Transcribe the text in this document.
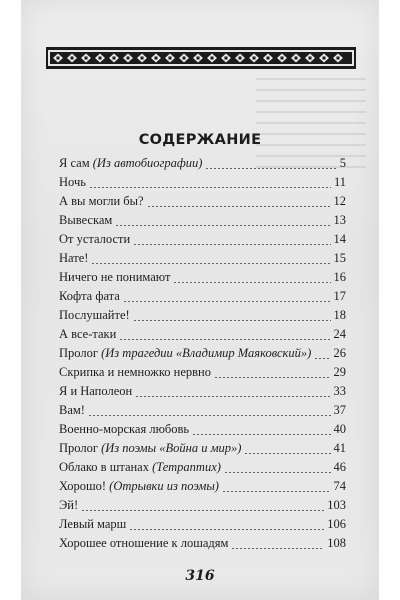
СОДЕРЖАНИЕ
Я сам (Из автобиографии)	5
Ночь	11
А вы могли бы?	12
Вывескам	13
От усталости	14
Нате!	15
Ничего не понимают	16
Кофта фата	17
Послушайте!	18
А все-таки	24
Пролог (Из трагедии «Владимир Маяковский») 26
Скрипка и немножко нервно	29
Я и Наполеон	33
Вам!	37
Военно-морская любовь	40
Пролог (Из поэмы «Война и мир»)	41
Облако в штанах (Тетраптих)	46
Хорошо! (Отрывки из поэмы)	74
Эй!	103
Левый марш	106
Хорошее отношение к лошадям	108
316
